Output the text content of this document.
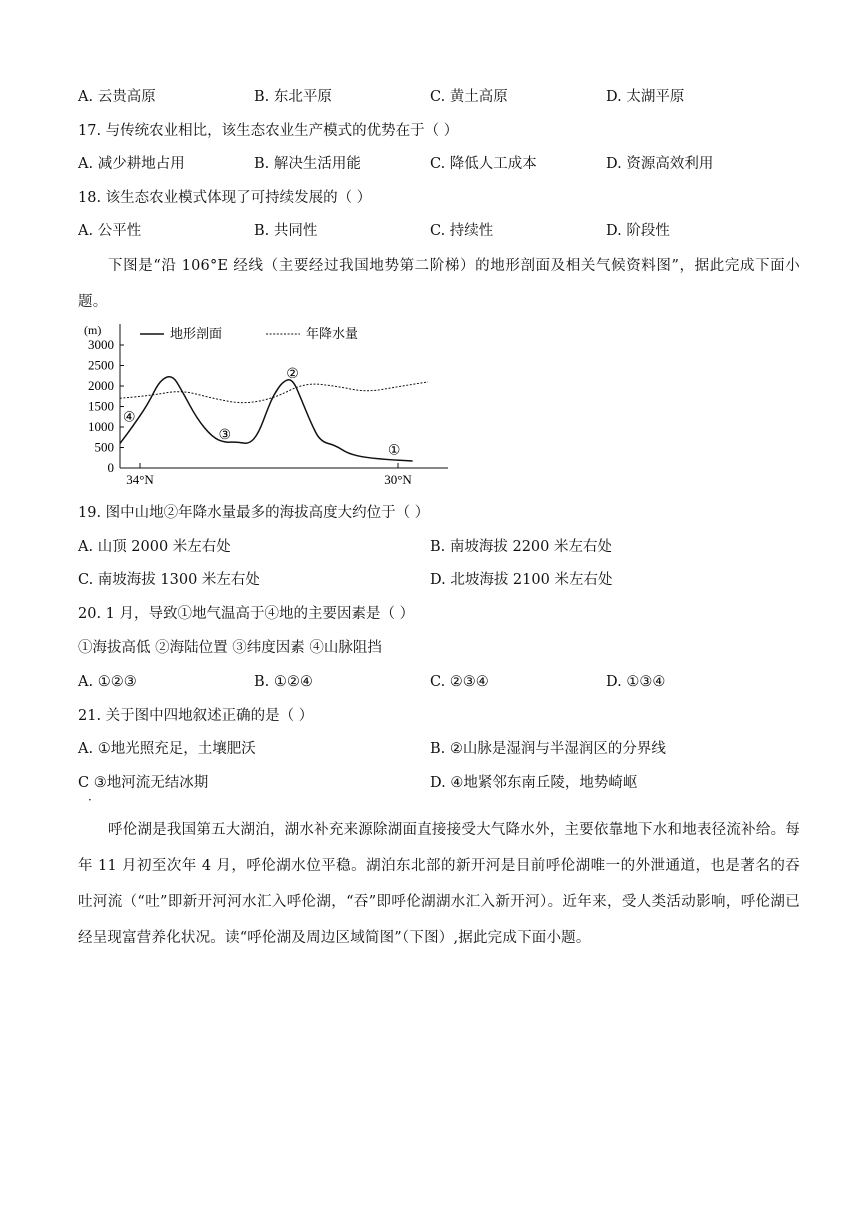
A. 云贵高原	B. 东北平原	C. 黄土高原	D. 太湖平原
17. 与传统农业相比，该生态农业生产模式的优势在于（ ）
A. 减少耕地占用	B. 解决生活用能	C. 降低人工成本	D. 资源高效利用
18. 该生态农业模式体现了可持续发展的（ ）
A. 公平性	B. 共同性	C. 持续性	D. 阶段性
下图是“沿 106°E 经线（主要经过我国地势第二阶梯）的地形剖面及相关气候资料图”，据此完成下面小题。
(m)	地形剖面	年降水量
3000
2500
2000
1500
1000
500
0
34°N	30°N
①
②
③
④
19. 图中山地②年降水量最多的海拔高度大约位于（ ）
A. 山顶 2000 米左右处	B. 南坡海拔 2200 米左右处
C. 南坡海拔 1300 米左右处	D. 北坡海拔 2100 米左右处
20. 1 月，导致①地气温高于④地的主要因素是（ ）
①海拔高低 ②海陆位置 ③纬度因素 ④山脉阻挡
A. ①②③	B. ①②④	C. ②③④	D. ①③④
21. 关于图中四地叙述正确的是（ ）
A. ①地光照充足，土壤肥沃	B. ②山脉是湿润与半湿润区的分界线
C ③地河流无结冰期	D. ④地紧邻东南丘陵，地势崎岖
·
呼伦湖是我国第五大湖泊，湖水补充来源除湖面直接接受大气降水外，主要依靠地下水和地表径流补给。每年 11 月初至次年 4 月，呼伦湖水位平稳。湖泊东北部的新开河是目前呼伦湖唯一的外泄通道，也是著名的吞吐河流（“吐”即新开河河水汇入呼伦湖，“吞”即呼伦湖湖水汇入新开河）。近年来，受人类活动影响，呼伦湖已经呈现富营养化状况。读“呼伦湖及周边区域简图”（下图）,据此完成下面小题。
